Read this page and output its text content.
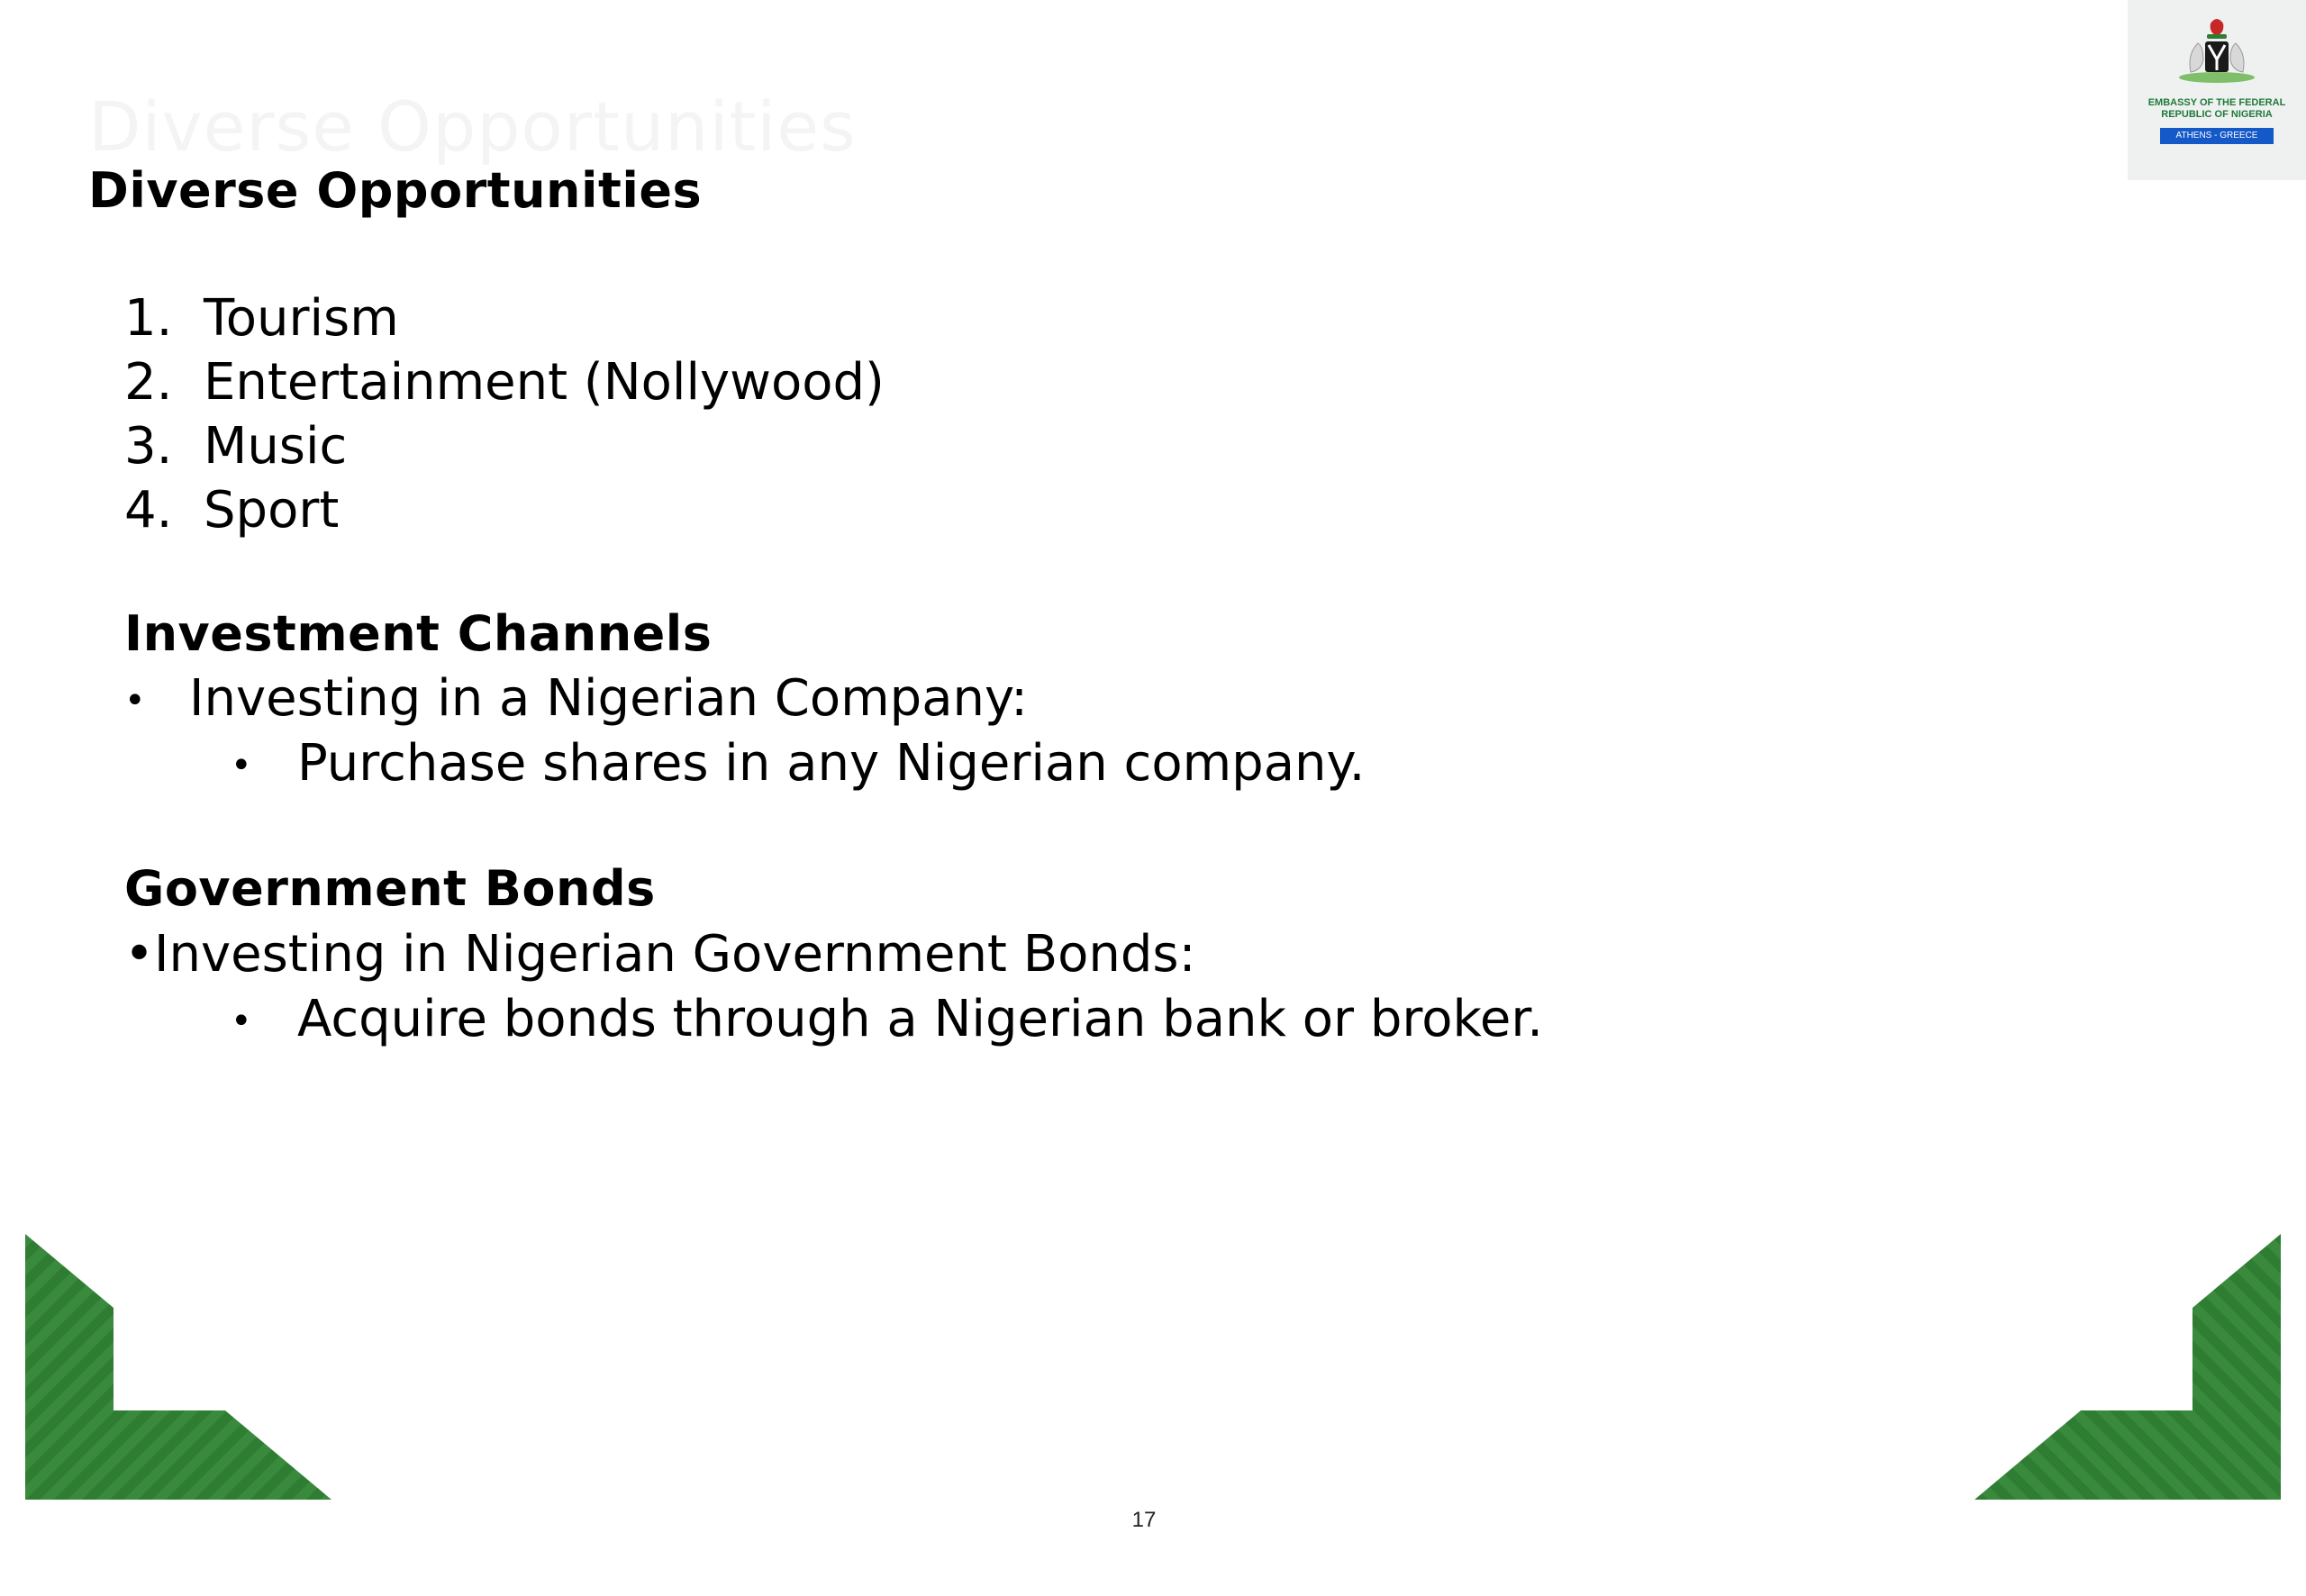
Diverse Opportunities
Diverse Opportunities
1. Tourism
2. Entertainment (Nollywood)
3. Music
4. Sport
Investment Channels
• Investing in a Nigerian Company:
• Purchase shares in any Nigerian company.
Government Bonds
•Investing in Nigerian Government Bonds:
• Acquire bonds through a Nigerian bank or broker.
EMBASSY OF THE FEDERAL
REPUBLIC OF NIGERIA
ATHENS - GREECE
17
